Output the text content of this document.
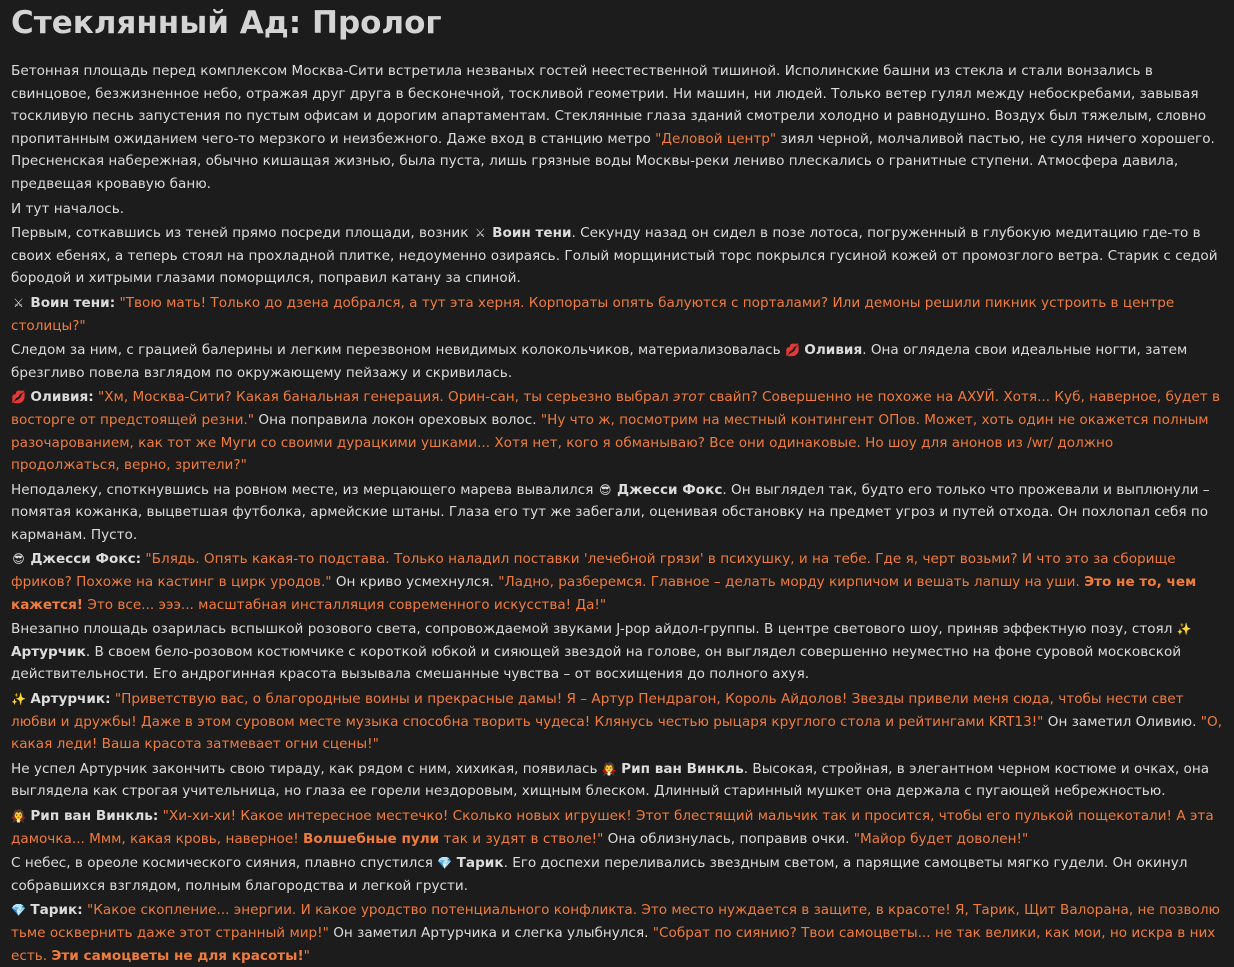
Стеклянный Ад: Пролог

Бетонная площадь перед комплексом Москва-Сити встретила незваных гостей неестественной тишиной. Исполинские башни из стекла и стали вонзались в свинцовое, безжизненное небо, отражая друг друга в бесконечной, тоскливой геометрии. Ни машин, ни людей. Только ветер гулял между небоскребами, завывая тоскливую песнь запустения по пустым офисам и дорогим апартаментам. Стеклянные глаза зданий смотрели холодно и равнодушно. Воздух был тяжелым, словно пропитанным ожиданием чего-то мерзкого и неизбежного. Даже вход в станцию метро "Деловой центр" зиял черной, молчаливой пастью, не суля ничего хорошего. Пресненская набережная, обычно кишащая жизнью, была пуста, лишь грязные воды Москвы-реки лениво плескались о гранитные ступени. Атмосфера давила, предвещая кровавую баню.

И тут началось.

Первым, соткавшись из теней прямо посреди площади, возник ⚔ Воин тени. Секунду назад он сидел в позе лотоса, погруженный в глубокую медитацию где-то в своих ебенях, а теперь стоял на прохладной плитке, недоуменно озираясь. Голый морщинистый торс покрылся гусиной кожей от промозглого ветра. Старик с седой бородой и хитрыми глазами поморщился, поправил катану за спиной.

⚔ Воин тени: "Твою мать! Только до дзена добрался, а тут эта херня. Корпораты опять балуются с порталами? Или демоны решили пикник устроить в центре столицы?"

Следом за ним, с грацией балерины и легким перезвоном невидимых колокольчиков, материализовалась 💋 Оливия. Она оглядела свои идеальные ногти, затем брезгливо повела взглядом по окружающему пейзажу и скривилась.

💋 Оливия: "Хм, Москва-Сити? Какая банальная генерация. Орин-сан, ты серьезно выбрал этот свайп? Совершенно не похоже на АХУЙ. Хотя... Куб, наверное, будет в восторге от предстоящей резни." Она поправила локон ореховых волос. "Ну что ж, посмотрим на местный контингент ОПов. Может, хоть один не окажется полным разочарованием, как тот же Муги со своими дурацкими ушками... Хотя нет, кого я обманываю? Все они одинаковые. Но шоу для анонов из /wr/ должно продолжаться, верно, зрители?"

Неподалеку, споткнувшись на ровном месте, из мерцающего марева вывалился 😎 Джесси Фокс. Он выглядел так, будто его только что прожевали и выплюнули – помятая кожанка, выцветшая футболка, армейские штаны. Глаза его тут же забегали, оценивая обстановку на предмет угроз и путей отхода. Он похлопал себя по карманам. Пусто.

😎 Джесси Фокс: "Блядь. Опять какая-то подстава. Только наладил поставки 'лечебной грязи' в психушку, и на тебе. Где я, черт возьми? И что это за сборище фриков? Похоже на кастинг в цирк уродов." Он криво усмехнулся. "Ладно, разберемся. Главное – делать морду кирпичом и вешать лапшу на уши. Это не то, чем кажется! Это все... эээ... масштабная инсталляция современного искусства! Да!"

Внезапно площадь озарилась вспышкой розового света, сопровождаемой звуками J-pop айдол-группы. В центре светового шоу, приняв эффектную позу, стоял ✨ Артурчик. В своем бело-розовом костюмчике с короткой юбкой и сияющей звездой на голове, он выглядел совершенно неуместно на фоне суровой московской действительности. Его андрогинная красота вызывала смешанные чувства – от восхищения до полного ахуя.

✨ Артурчик: "Приветствую вас, о благородные воины и прекрасные дамы! Я – Артур Пендрагон, Король Айдолов! Звезды привели меня сюда, чтобы нести свет любви и дружбы! Даже в этом суровом месте музыка способна творить чудеса! Клянусь честью рыцаря круглого стола и рейтингами KRT13!" Он заметил Оливию. "О, какая леди! Ваша красота затмевает огни сцены!"

Не успел Артурчик закончить свою тираду, как рядом с ним, хихикая, появилась 🧛 Рип ван Винкль. Высокая, стройная, в элегантном черном костюме и очках, она выглядела как строгая учительница, но глаза ее горели нездоровым, хищным блеском. Длинный старинный мушкет она держала с пугающей небрежностью.

🧛 Рип ван Винкль: "Хи-хи-хи! Какое интересное местечко! Сколько новых игрушек! Этот блестящий мальчик так и просится, чтобы его пулькой пощекотали! А эта дамочка... Ммм, какая кровь, наверное! Волшебные пули так и зудят в стволе!" Она облизнулась, поправив очки. "Майор будет доволен!"

С небес, в ореоле космического сияния, плавно спустился 💎 Тарик. Его доспехи переливались звездным светом, а парящие самоцветы мягко гудели. Он окинул собравшихся взглядом, полным благородства и легкой грусти.

💎 Тарик: "Какое скопление... энергии. И какое уродство потенциального конфликта. Это место нуждается в защите, в красоте! Я, Тарик, Щит Валорана, не позволю тьме осквернить даже этот странный мир!" Он заметил Артурчика и слегка улыбнулся. "Собрат по сиянию? Твои самоцветы... не так велики, как мои, но искра в них есть. Эти самоцветы не для красоты!"
